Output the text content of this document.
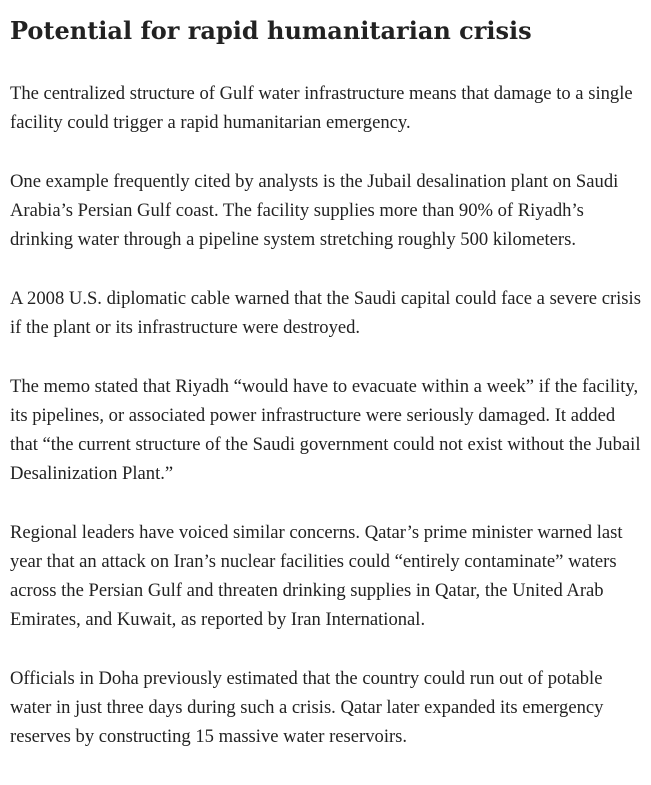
Potential for rapid humanitarian crisis

The centralized structure of Gulf water infrastructure means that damage to a single facility could trigger a rapid humanitarian emergency.

One example frequently cited by analysts is the Jubail desalination plant on Saudi Arabia’s Persian Gulf coast. The facility supplies more than 90% of Riyadh’s drinking water through a pipeline system stretching roughly 500 kilometers.

A 2008 U.S. diplomatic cable warned that the Saudi capital could face a severe crisis if the plant or its infrastructure were destroyed.

The memo stated that Riyadh “would have to evacuate within a week” if the facility, its pipelines, or associated power infrastructure were seriously damaged. It added that “the current structure of the Saudi government could not exist without the Jubail Desalinization Plant.”

Regional leaders have voiced similar concerns. Qatar’s prime minister warned last year that an attack on Iran’s nuclear facilities could “entirely contaminate” waters across the Persian Gulf and threaten drinking supplies in Qatar, the United Arab Emirates, and Kuwait, as reported by Iran International.

Officials in Doha previously estimated that the country could run out of potable water in just three days during such a crisis. Qatar later expanded its emergency reserves by constructing 15 massive water reservoirs.
